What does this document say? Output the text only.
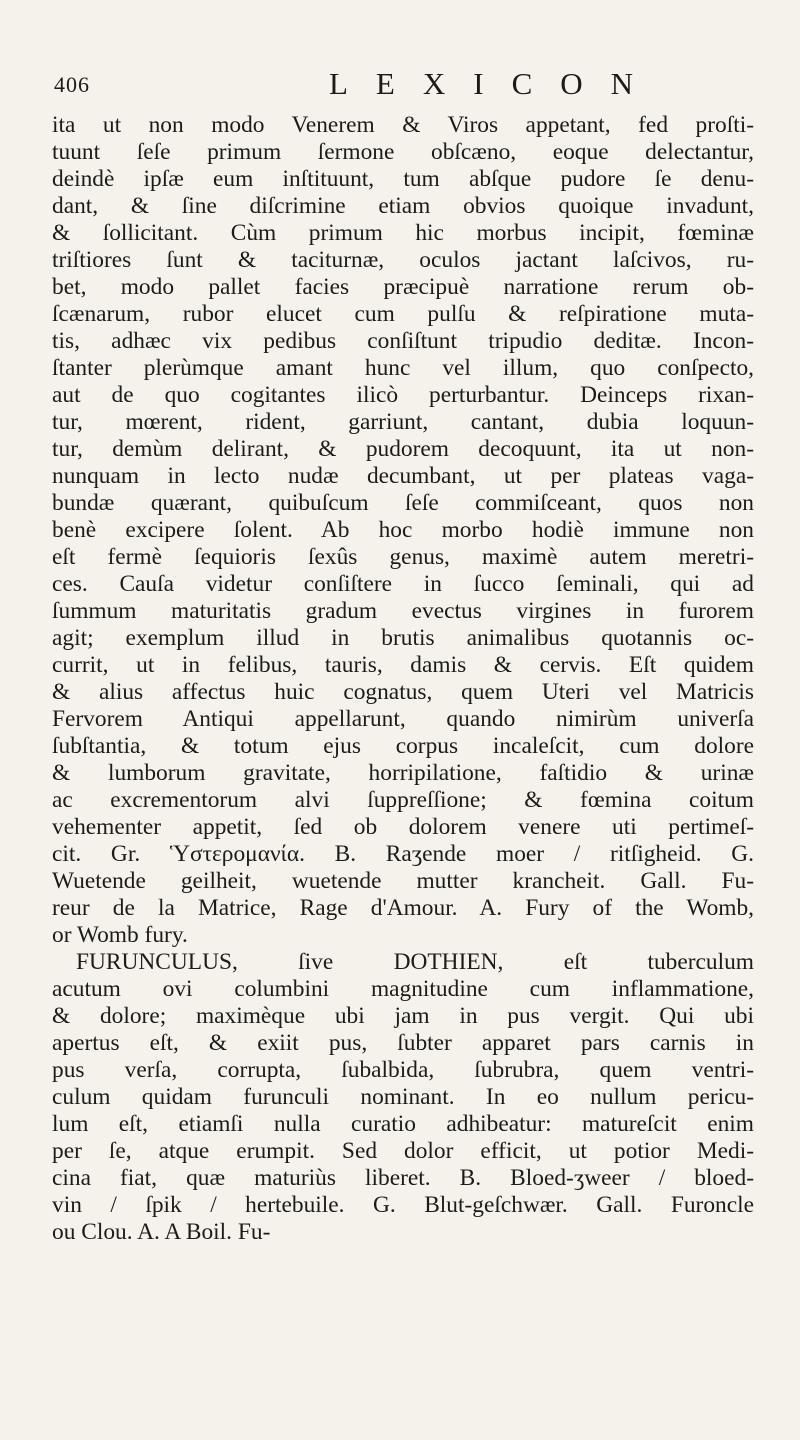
406	LEXICON
ita ut non modo Venerem & Viros appetant, fed proſti-
tuunt ſeſe primum ſermone obſcæno, eoque delectantur,
deindè ipſæ eum inſtituunt, tum abſque pudore ſe denu-
dant, & ſine diſcrimine etiam obvios quoique invadunt,
& ſollicitant. Cùm primum hic morbus incipit, fœminæ
triſtiores ſunt & taciturnæ, oculos jactant laſcivos, ru-
bet, modo pallet facies præcipuè narratione rerum ob-
ſcænarum, rubor elucet cum pulſu & reſpiratione muta-
tis, adhæc vix pedibus conſiſtunt tripudio deditæ. Incon-
ſtanter plerùmque amant hunc vel illum, quo conſpecto,
aut de quo cogitantes ilicò perturbantur. Deinceps rixan-
tur, mœrent, rident, garriunt, cantant, dubia loquun-
tur, demùm delirant, & pudorem decoquunt, ita ut non-
nunquam in lecto nudæ decumbant, ut per plateas vaga-
bundæ quærant, quibuſcum ſeſe commiſceant, quos non
benè excipere ſolent. Ab hoc morbo hodiè immune non
eſt fermè ſequioris ſexûs genus, maximè autem meretri-
ces. Cauſa videtur conſiſtere in ſucco ſeminali, qui ad
ſummum maturitatis gradum evectus virgines in furorem
agit; exemplum illud in brutis animalibus quotannis oc-
currit, ut in felibus, tauris, damis & cervis. Eſt quidem
& alius affectus huic cognatus, quem Uteri vel Matricis
Fervorem Antiqui appellarunt, quando nimirùm univerſa
ſubſtantia, & totum ejus corpus incaleſcit, cum dolore
& lumborum gravitate, horripilatione, faſtidio & urinæ
ac excrementorum alvi ſuppreſſione; & fœmina coitum
vehementer appetit, ſed ob dolorem venere uti pertimeſ-
cit. Gr. Ὑστερομανία. B. Raʒende moer / ritſigheid. G.
Wuetende geilheit, wuetende mutter krancheit. Gall. Fu-
reur de la Matrice, Rage d'Amour. A. Fury of the Womb,
or Womb fury.
FURUNCULUS, ſive DOTHIEN, eſt tuberculum
acutum ovi columbini magnitudine cum inflammatione,
& dolore; maximèque ubi jam in pus vergit. Qui ubi
apertus eſt, & exiit pus, ſubter apparet pars carnis in
pus verſa, corrupta, ſubalbida, ſubrubra, quem ventri-
culum quidam furunculi nominant. In eo nullum pericu-
lum eſt, etiamſi nulla curatio adhibeatur: matureſcit enim
per ſe, atque erumpit. Sed dolor efficit, ut potior Medi-
cina fiat, quæ maturiùs liberet. B. Bloed-ʒweer / bloed-
vin / ſpik / hertebuile. G. Blut-geſchwær. Gall. Furoncle
ou Clou. A. A Boil. Fu-
